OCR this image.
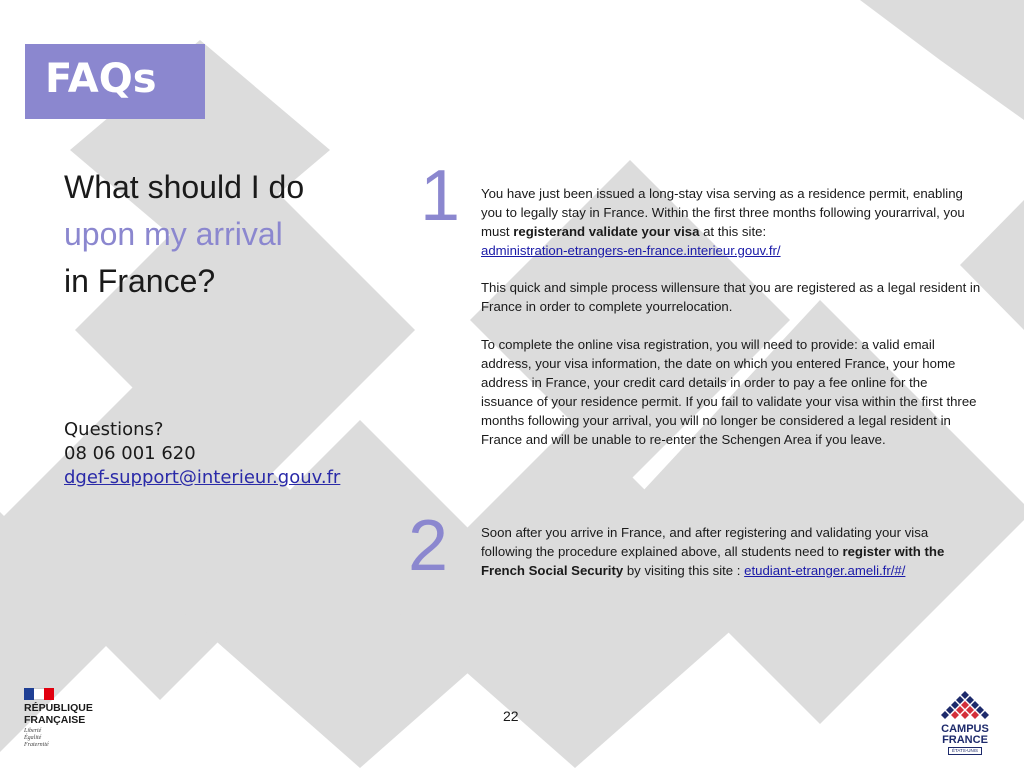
FAQs
What should I do
upon my arrival
in France?
Questions?
08 06 001 620
dgef-support@interieur.gouv.fr
1 You have just been issued a long-stay visa serving as a residence permit, enabling you to legally stay in France. Within the first three months following yourarrival, you must registerand validate your visa at this site:
administration-etrangers-en-france.interieur.gouv.fr/
This quick and simple process willensure that you are registered as a legal resident in France in order to complete yourrelocation.
To complete the online visa registration, you will need to provide: a valid email address, your visa information, the date on which you entered France, your home address in France, your credit card details in order to pay a fee online for the issuance of your residence permit. If you fail to validate your visa within the first three months following your arrival, you will no longer be considered a legal resident in France and will be unable to re-enter the Schengen Area if you leave.
2 Soon after you arrive in France, and after registering and validating your visa following the procedure explained above, all students need to register with the French Social Security by visiting this site : etudiant-etranger.ameli.fr/#/
22
RÉPUBLIQUE
FRANÇAISE
Liberté
Égalité
Fraternité
CAMPUS
FRANCE
ÉTATS-UNIS
